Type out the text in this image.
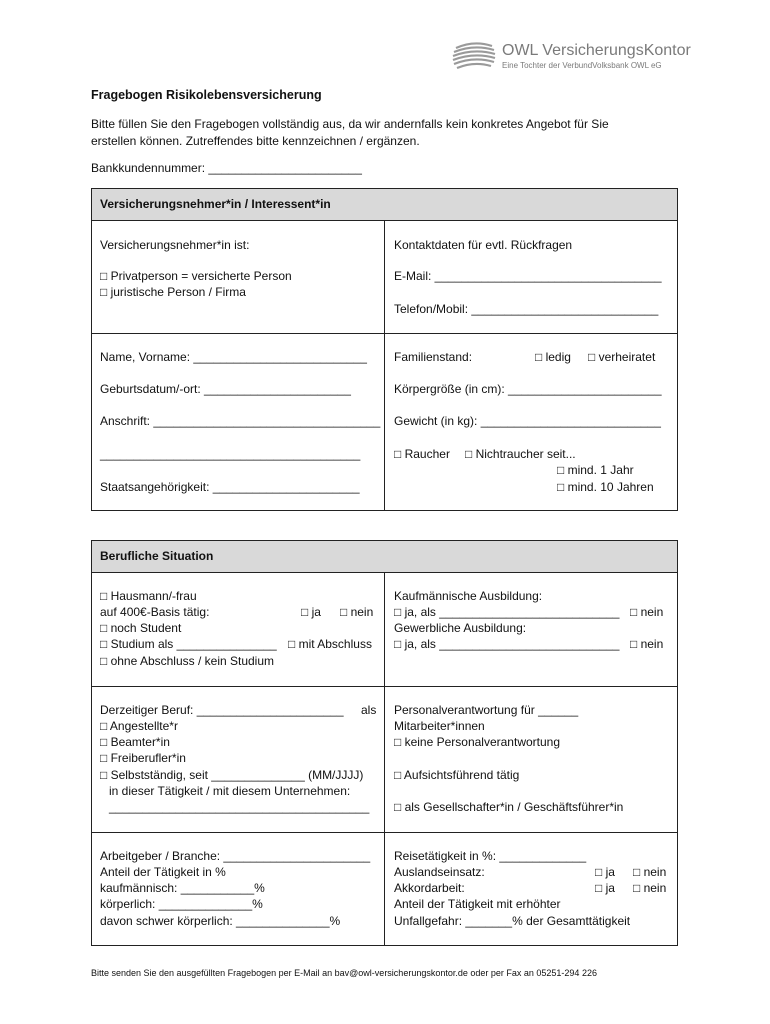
OWL VersicherungsKontor
Eine Tochter der VerbundVolksbank OWL eG
Fragebogen Risikolebensversicherung
Bitte füllen Sie den Fragebogen vollständig aus, da wir andernfalls kein konkretes Angebot für Sie
erstellen können. Zutreffendes bitte kennzeichnen / ergänzen.
Bankkundennummer: _______________________
Versicherungsnehmer*in / Interessent*in
Versicherungsnehmer*in ist:
□ Privatperson = versicherte Person
□ juristische Person / Firma
Kontaktdaten für evtl. Rückfragen
E-Mail: __________________________________
Telefon/Mobil: ____________________________
Name, Vorname: __________________________
Geburtsdatum/-ort: ______________________
Anschrift: __________________________________
_______________________________________
Staatsangehörigkeit: ______________________
Familienstand:	□ ledig □ verheiratet
Körpergröße (in cm): _______________________
Gewicht (in kg): ___________________________
□ Raucher □ Nichtraucher seit...
□ mind. 1 Jahr
□ mind. 10 Jahren
Berufliche Situation
□ Hausmann/-frau
auf 400€-Basis tätig:	□ ja □ nein
□ noch Student
□ Studium als _______________ □ mit Abschluss
□ ohne Abschluss / kein Studium
Kaufmännische Ausbildung:
□ ja, als ___________________________ □ nein
Gewerbliche Ausbildung:
□ ja, als ___________________________ □ nein
Derzeitiger Beruf: ______________________ als
□ Angestellte*r
□ Beamter*in
□ Freiberufler*in
□ Selbstständig, seit ______________ (MM/JJJJ)
in dieser Tätigkeit / mit diesem Unternehmen:
_______________________________________
Personalverantwortung für ______
Mitarbeiter*innen
□ keine Personalverantwortung
□ Aufsichtsführend tätig
□ als Gesellschafter*in / Geschäftsführer*in
Arbeitgeber / Branche: ______________________
Anteil der Tätigkeit in %
kaufmännisch: ___________%
körperlich: ______________%
davon schwer körperlich: ______________%
Reisetätigkeit in %: _____________
Auslandseinsatz:	□ ja □ nein
Akkordarbeit:	□ ja □ nein
Anteil der Tätigkeit mit erhöhter
Unfallgefahr: _______% der Gesamttätigkeit
Bitte senden Sie den ausgefüllten Fragebogen per E-Mail an bav@owl-versicherungskontor.de oder per Fax an 05251-294 226
